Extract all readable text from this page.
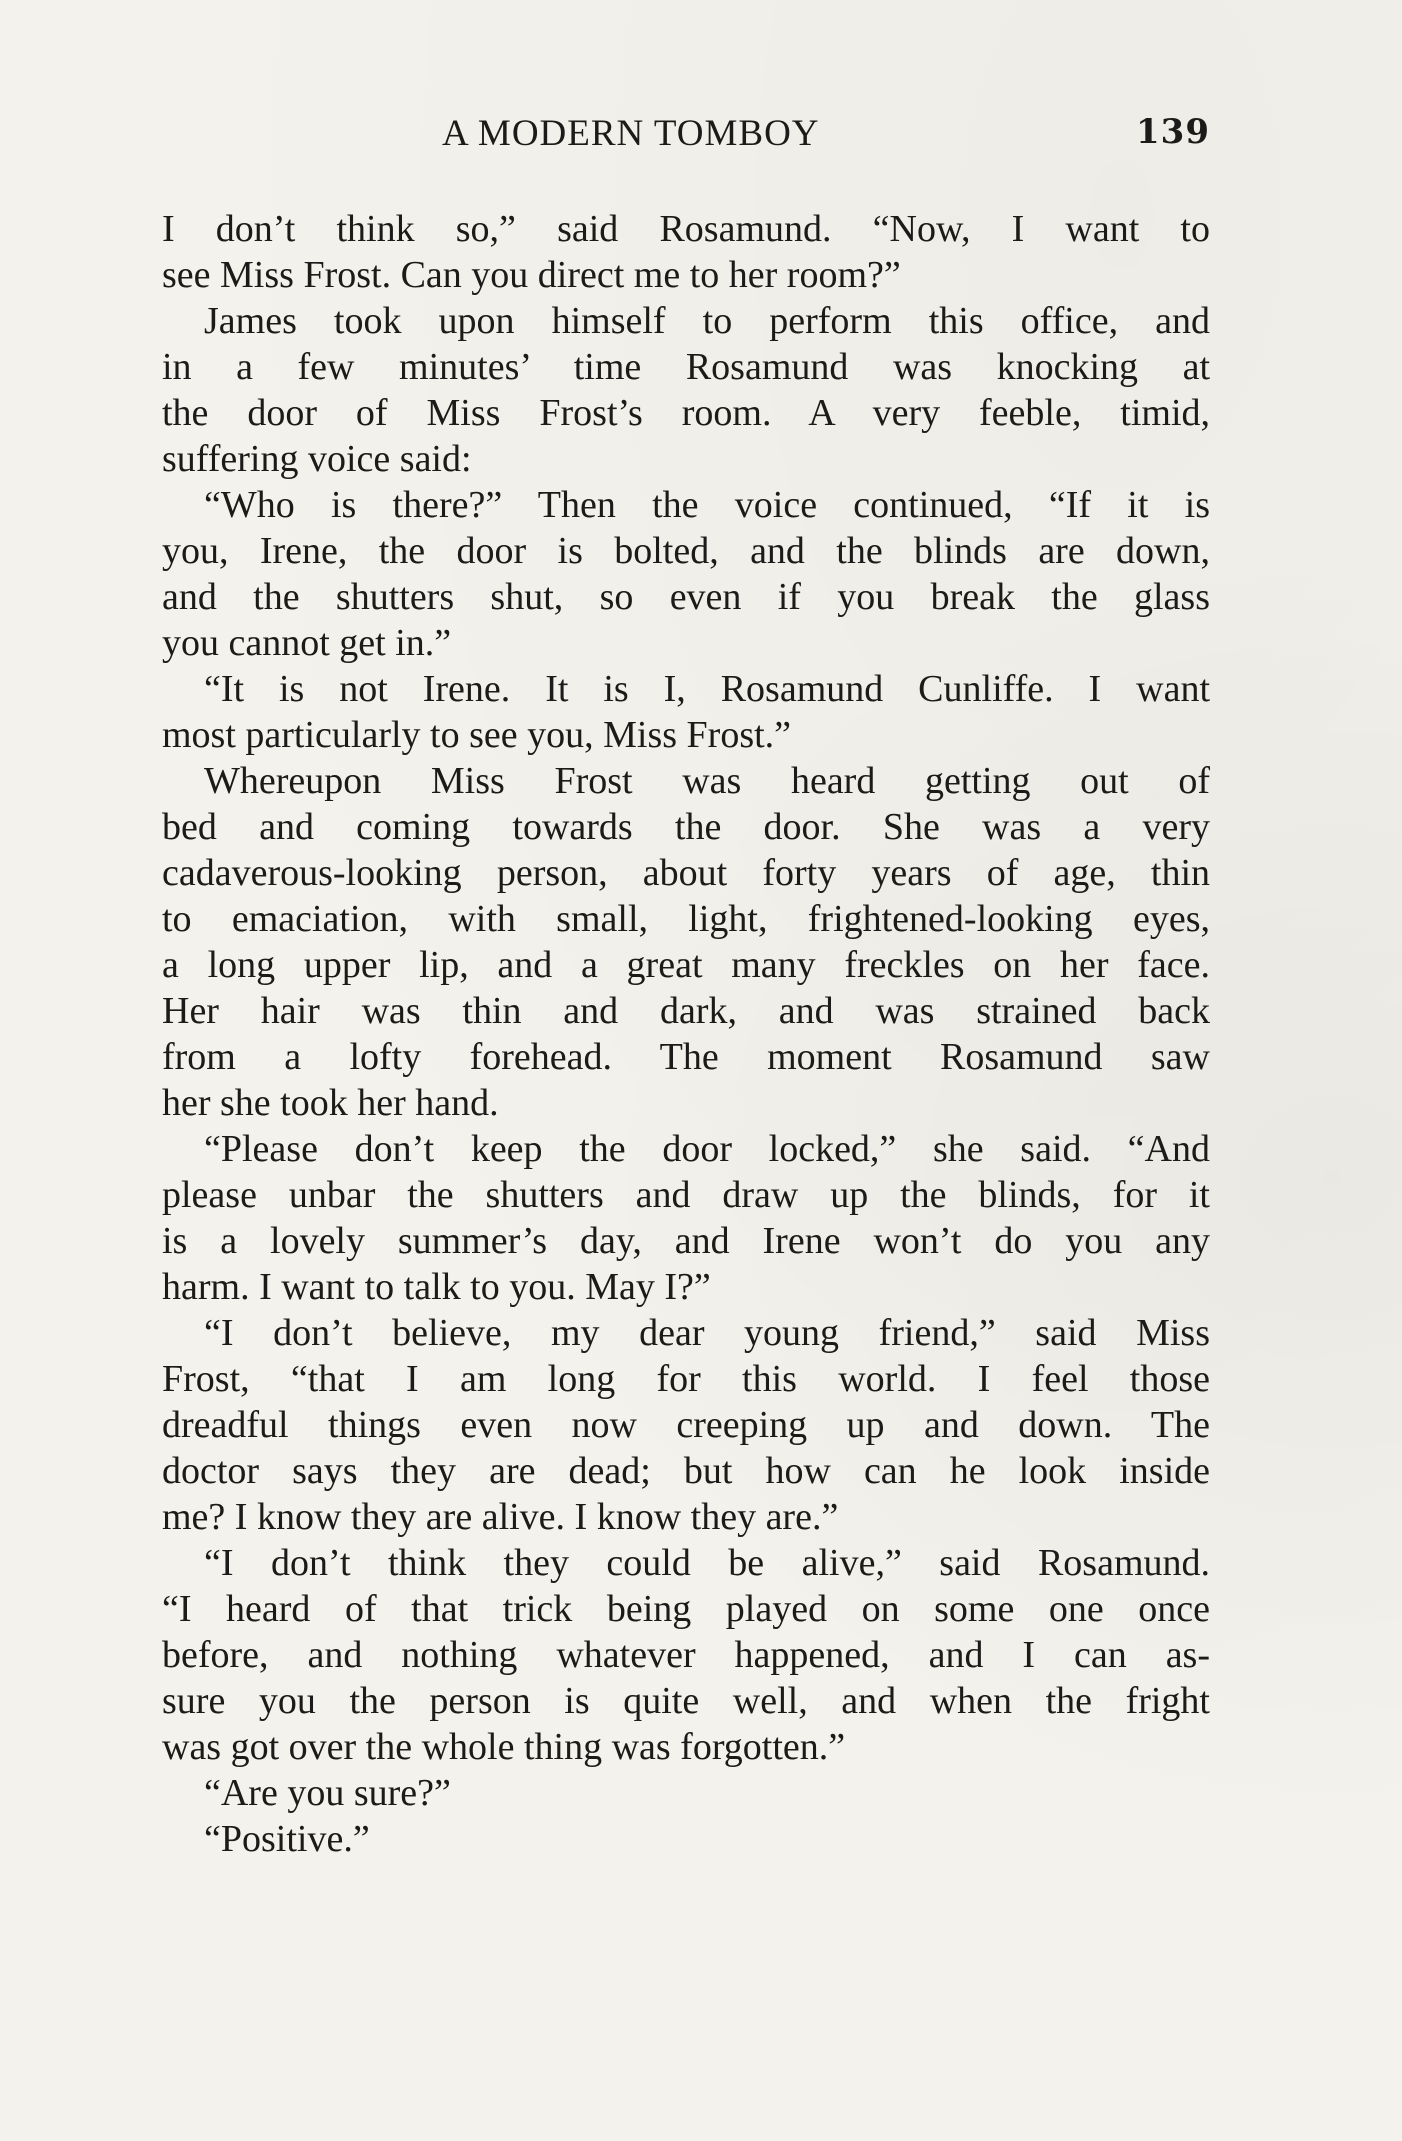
A MODERN TOMBOY	139
I don’t think so,” said Rosamund. “Now, I want to
see Miss Frost. Can you direct me to her room?”
James took upon himself to perform this office, and
in a few minutes’ time Rosamund was knocking at
the door of Miss Frost’s room. A very feeble, timid,
suffering voice said:
“Who is there?” Then the voice continued, “If it is
you, Irene, the door is bolted, and the blinds are down,
and the shutters shut, so even if you break the glass
you cannot get in.”
“It is not Irene. It is I, Rosamund Cunliffe. I want
most particularly to see you, Miss Frost.”
Whereupon Miss Frost was heard getting out of
bed and coming towards the door. She was a very
cadaverous-looking person, about forty years of age, thin
to emaciation, with small, light, frightened-looking eyes,
a long upper lip, and a great many freckles on her face.
Her hair was thin and dark, and was strained back
from a lofty forehead. The moment Rosamund saw
her she took her hand.
“Please don’t keep the door locked,” she said. “And
please unbar the shutters and draw up the blinds, for it
is a lovely summer’s day, and Irene won’t do you any
harm. I want to talk to you. May I?”
“I don’t believe, my dear young friend,” said Miss
Frost, “that I am long for this world. I feel those
dreadful things even now creeping up and down. The
doctor says they are dead; but how can he look inside
me? I know they are alive. I know they are.”
“I don’t think they could be alive,” said Rosamund.
“I heard of that trick being played on some one once
before, and nothing whatever happened, and I can as-
sure you the person is quite well, and when the fright
was got over the whole thing was forgotten.”
“Are you sure?”
“Positive.”
